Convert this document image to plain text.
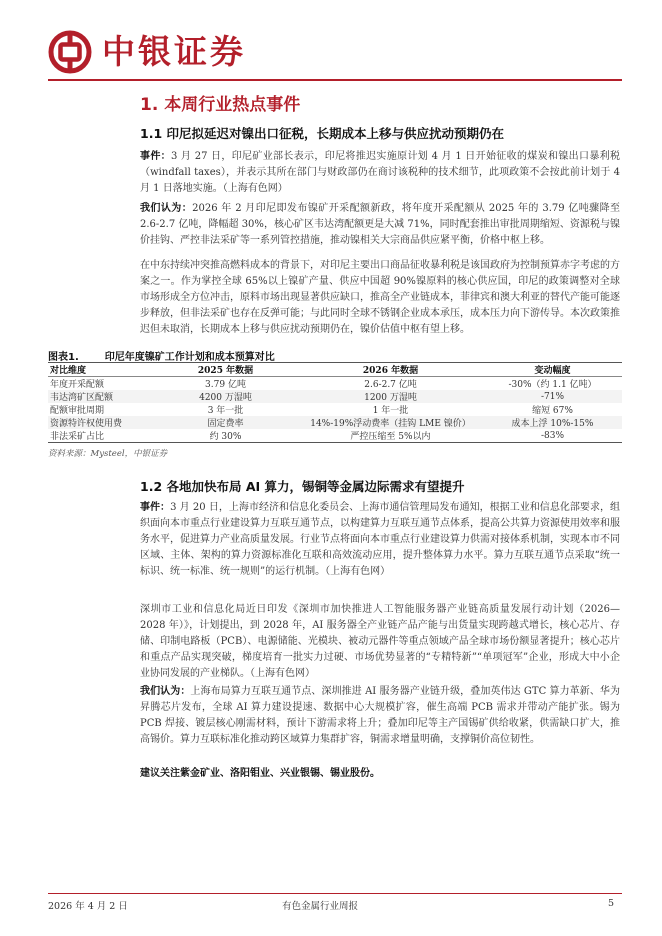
中银证券
1. 本周行业热点事件
1.1 印尼拟延迟对镍出口征税，长期成本上移与供应扰动预期仍在

事件：3 月 27 日，印尼矿业部长表示，印尼将推迟实施原计划 4 月 1 日开始征收的煤炭和镍出口暴利税（windfall taxes），并表示其所在部门与财政部仍在商讨该税种的技术细节，此项政策不会按此前计划于 4 月 1 日落地实施。（上海有色网）

我们认为：2026 年 2 月印尼即发布镍矿开采配额新政，将年度开采配额从 2025 年的 3.79 亿吨骤降至 2.6-2.7 亿吨，降幅超 30%，核心矿区韦达湾配额更是大减 71%，同时配套推出审批周期缩短、资源税与镍价挂钩、严控非法采矿等一系列管控措施，推动镍相关大宗商品供应紧平衡，价格中枢上移。

在中东持续冲突推高燃料成本的背景下，对印尼主要出口商品征收暴利税是该国政府为控制预算赤字考虑的方案之一。作为掌控全球 65%以上镍矿产量、供应中国超 90%镍原料的核心供应国，印尼的政策调整对全球市场形成全方位冲击，原料市场出现显著供应缺口，推高全产业链成本，菲律宾和澳大利亚的替代产能可能逐步释放，但非法采矿也存在反弹可能；与此同时全球不锈钢企业成本承压，成本压力向下游传导。本次政策推迟但未取消，长期成本上移与供应扰动预期仍在，镍价估值中枢有望上移。

图表1.	印尼年度镍矿工作计划和成本预算对比
对比维度	2025 年数据	2026 年数据	变动幅度
年度开采配额	3.79 亿吨	2.6-2.7 亿吨	-30%（约 1.1 亿吨）
韦达湾矿区配额	4200 万湿吨	1200 万湿吨	-71%
配额审批周期	3 年一批	1 年一批	缩短 67%
资源特许权使用费	固定费率	14%-19%浮动费率（挂钩 LME 镍价）	成本上浮 10%-15%
非法采矿占比	约 30%	严控压缩至 5%以内	-83%
资料来源：Mysteel，中银证券
1.2 各地加快布局 AI 算力，锡铜等金属边际需求有望提升

事件：3 月 20 日，上海市经济和信息化委员会、上海市通信管理局发布通知，根据工业和信息化部要求，组织面向本市重点行业建设算力互联互通节点，以构建算力互联互通节点体系，提高公共算力资源使用效率和服务水平，促进算力产业高质量发展。行业节点将面向本市重点行业建设算力供需对接体系机制，实现本市不同区域、主体、架构的算力资源标准化互联和高效流动应用，提升整体算力水平。算力互联互通节点采取“统一标识、统一标准、统一规则”的运行机制。（上海有色网）

深圳市工业和信息化局近日印发《深圳市加快推进人工智能服务器产业链高质量发展行动计划（2026—2028 年）》，计划提出，到 2028 年，AI 服务器全产业链产品产能与出货量实现跨越式增长，核心芯片、存储、印制电路板（PCB）、电源储能、光模块、被动元器件等重点领域产品全球市场份额显著提升；核心芯片和重点产品实现突破，梯度培育一批实力过硬、市场优势显著的“专精特新”“单项冠军”企业，形成大中小企业协同发展的产业梯队。（上海有色网）

我们认为：上海布局算力互联互通节点、深圳推进 AI 服务器产业链升级，叠加英伟达 GTC 算力革新、华为昇腾芯片发布，全球 AI 算力建设提速、数据中心大规模扩容，催生高端 PCB 需求并带动产能扩张。锡为 PCB 焊接、镀层核心刚需材料，预计下游需求将上升；叠加印尼等主产国锡矿供给收紧，供需缺口扩大，推高锡价。算力互联标准化推动跨区域算力集群扩容，铜需求增量明确，支撑铜价高位韧性。

建议关注紫金矿业、洛阳钼业、兴业银锡、锡业股份。

2026 年 4 月 2 日	有色金属行业周报	5
